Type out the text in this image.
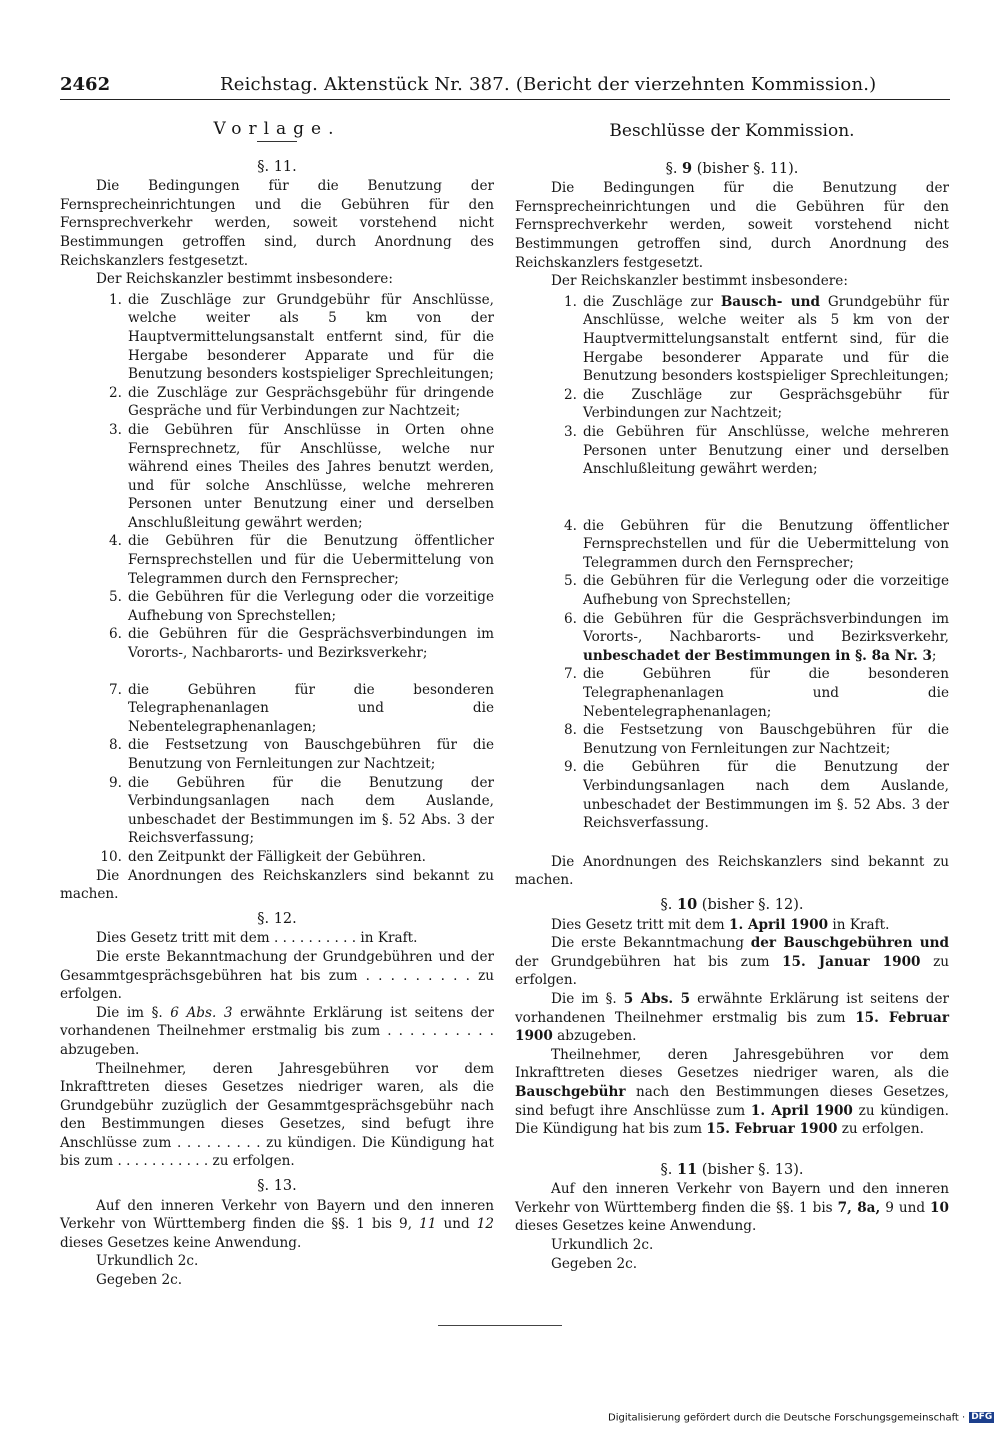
2462	Reichstag. Aktenstück Nr. 387. (Bericht der vierzehnten Kommission.)
Vorlage.
§. 11.

Die Bedingungen für die Benutzung der Fernsprecheinrichtungen und die Gebühren für den Fernsprechverkehr werden, soweit vorstehend nicht Bestimmungen getroffen sind, durch Anordnung des Reichskanzlers festgesetzt.

Der Reichskanzler bestimmt insbesondere:

1. die Zuschläge zur Grundgebühr für Anschlüsse, welche weiter als 5 km von der Hauptvermittelungsanstalt entfernt sind, für die Hergabe besonderer Apparate und für die Benutzung besonders kostspieliger Sprechleitungen;
2. die Zuschläge zur Gesprächsgebühr für dringende Gespräche und für Verbindungen zur Nachtzeit;
3. die Gebühren für Anschlüsse in Orten ohne Fernsprechnetz, für Anschlüsse, welche nur während eines Theiles des Jahres benutzt werden, und für solche Anschlüsse, welche mehreren Personen unter Benutzung einer und derselben Anschlußleitung gewährt werden;
4. die Gebühren für die Benutzung öffentlicher Fernsprechstellen und für die Uebermittelung von Telegrammen durch den Fernsprecher;
5. die Gebühren für die Verlegung oder die vorzeitige Aufhebung von Sprechstellen;
6. die Gebühren für die Gesprächsverbindungen im Vororts-, Nachbarorts- und Bezirksverkehr;
7. die Gebühren für die besonderen Telegraphenanlagen und die Nebentelegraphenanlagen;
8. die Festsetzung von Bauschgebühren für die Benutzung von Fernleitungen zur Nachtzeit;
9. die Gebühren für die Benutzung der Verbindungsanlagen nach dem Auslande, unbeschadet der Bestimmungen im §. 52 Abs. 3 der Reichsverfassung;
10. den Zeitpunkt der Fälligkeit der Gebühren.

Die Anordnungen des Reichskanzlers sind bekannt zu machen.

§. 12.

Dies Gesetz tritt mit dem . . . . . . . . . . in Kraft.

Die erste Bekanntmachung der Grundgebühren und der Gesammtgesprächsgebühren hat bis zum . . . . . . . . . zu erfolgen.

Die im §. 6 Abs. 3 erwähnte Erklärung ist seitens der vorhandenen Theilnehmer erstmalig bis zum . . . . . . . . . . abzugeben.

Theilnehmer, deren Jahresgebühren vor dem Inkrafttreten dieses Gesetzes niedriger waren, als die Grundgebühr zuzüglich der Gesammtgesprächsgebühr nach den Bestimmungen dieses Gesetzes, sind befugt ihre Anschlüsse zum . . . . . . . . . zu kündigen. Die Kündigung hat bis zum . . . . . . . . . . . zu erfolgen.

§. 13.

Auf den inneren Verkehr von Bayern und den inneren Verkehr von Württemberg finden die §§. 1 bis 9, 11 und 12 dieses Gesetzes keine Anwendung.

Urkundlich 2c.
Gegeben 2c.
Beschlüsse der Kommission.
§. 9 (bisher §. 11).

Die Bedingungen für die Benutzung der Fernsprecheinrichtungen und die Gebühren für den Fernsprechverkehr werden, soweit vorstehend nicht Bestimmungen getroffen sind, durch Anordnung des Reichskanzlers festgesetzt.

Der Reichskanzler bestimmt insbesondere:

1. die Zuschläge zur Bausch- und Grundgebühr für Anschlüsse, welche weiter als 5 km von der Hauptvermittelungsanstalt entfernt sind, für die Hergabe besonderer Apparate und für die Benutzung besonders kostspieliger Sprechleitungen;
2. die Zuschläge zur Gesprächsgebühr für Verbindungen zur Nachtzeit;
3. die Gebühren für Anschlüsse, welche mehreren Personen unter Benutzung einer und derselben Anschlußleitung gewährt werden;
4. die Gebühren für die Benutzung öffentlicher Fernsprechstellen und für die Uebermittelung von Telegrammen durch den Fernsprecher;
5. die Gebühren für die Verlegung oder die vorzeitige Aufhebung von Sprechstellen;
6. die Gebühren für die Gesprächsverbindungen im Vororts-, Nachbarorts- und Bezirksverkehr, unbeschadet der Bestimmungen in §. 8a Nr. 3;
7. die Gebühren für die besonderen Telegraphenanlagen und die Nebentelegraphenanlagen;
8. die Festsetzung von Bauschgebühren für die Benutzung von Fernleitungen zur Nachtzeit;
9. die Gebühren für die Benutzung der Verbindungsanlagen nach dem Auslande, unbeschadet der Bestimmungen im §. 52 Abs. 3 der Reichsverfassung.

Die Anordnungen des Reichskanzlers sind bekannt zu machen.

§. 10 (bisher §. 12).

Dies Gesetz tritt mit dem 1. April 1900 in Kraft.

Die erste Bekanntmachung der Bauschgebühren und der Grundgebühren hat bis zum 15. Januar 1900 zu erfolgen.

Die im §. 5 Abs. 5 erwähnte Erklärung ist seitens der vorhandenen Theilnehmer erstmalig bis zum 15. Februar 1900 abzugeben.

Theilnehmer, deren Jahresgebühren vor dem Inkrafttreten dieses Gesetzes niedriger waren, als die Bauschgebühr nach den Bestimmungen dieses Gesetzes, sind befugt ihre Anschlüsse zum 1. April 1900 zu kündigen. Die Kündigung hat bis zum 15. Februar 1900 zu erfolgen.

§. 11 (bisher §. 13).

Auf den inneren Verkehr von Bayern und den inneren Verkehr von Württemberg finden die §§. 1 bis 7, 8a, 9 und 10 dieses Gesetzes keine Anwendung.

Urkundlich 2c.
Gegeben 2c.
Digitalisierung gefördert durch die Deutsche Forschungsgemeinschaft · DFG
